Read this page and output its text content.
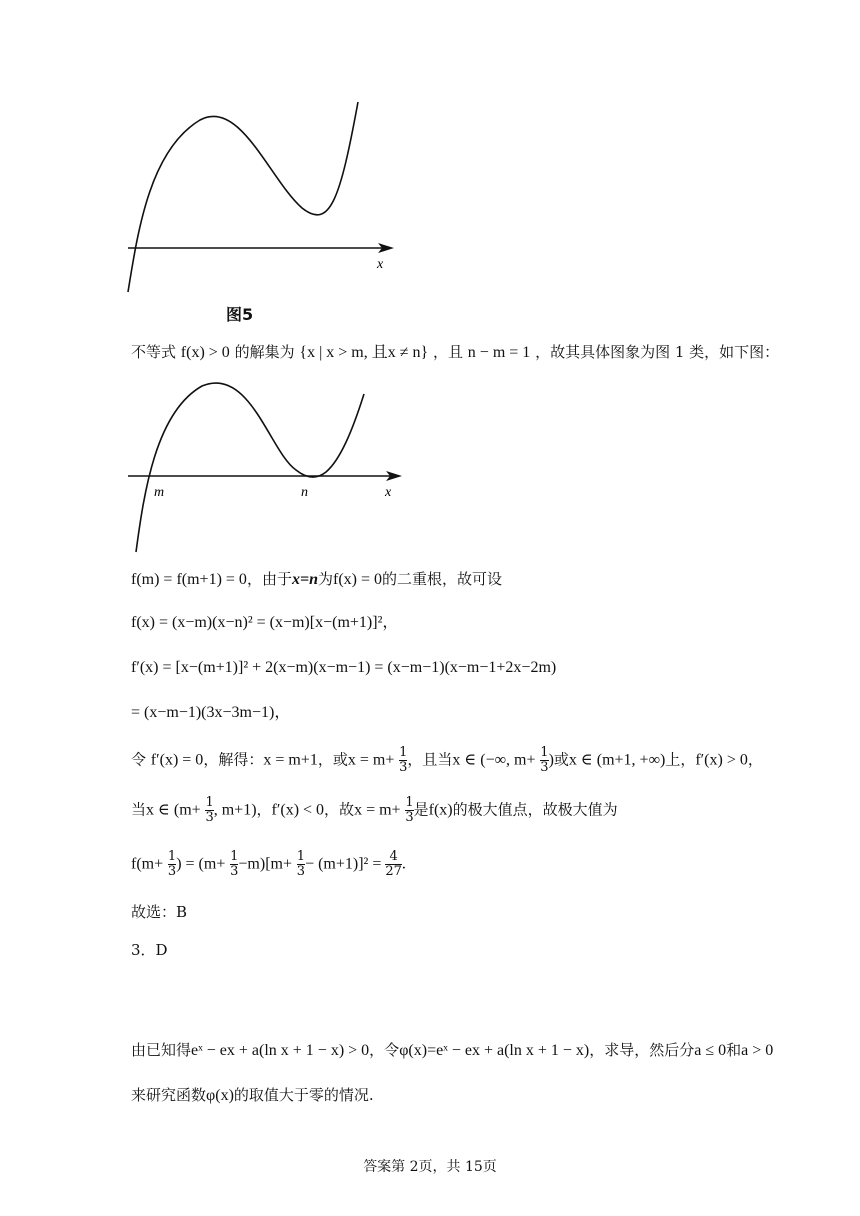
x
图5
不等式 f(x) > 0 的解集为 {x | x > m, 且x ≠ n} ，且 n − m = 1 ，故其具体图象为图 1 类，如下图：
m	n	x
f(m) = f(m+1) = 0，由于x=n为f(x) = 0的二重根，故可设
f(x) = (x−m)(x−n)² = (x−m)[x−(m+1)]²，
f′(x) = [x−(m+1)]² + 2(x−m)(x−m−1) = (x−m−1)(x−m−1+2x−2m)
= (x−m−1)(3x−3m−1)，
令 f′(x) = 0，解得：x = m+1，或$x = m+ \frac{1}{3}$ ，且当x ∈ (−∞, $m+ \frac{1}{3}$ )或x ∈ (m+1, +∞)上，f′(x) > 0，
当x ∈ ($m+ \frac{1}{3}$ , m+1)，f′(x) < 0，故$x = m+ \frac{1}{3}$ 是f(x)的极大值点，故极大值为
$f(m+ \frac{1}{3}$ ) = $(m+ \frac{1}{3} -m)[m+ \frac{1}{3} - (m+1)]^2 = \frac{4}{27}$ .
故选：B
3．D
由已知得eˣ − ex + a(ln x + 1 − x) > 0，令φ(x)=eˣ − ex + a(ln x + 1 − x)，求导，然后分a ≤ 0和a > 0
来研究函数φ(x)的取值大于零的情况.
答案第 2页，共 15页
